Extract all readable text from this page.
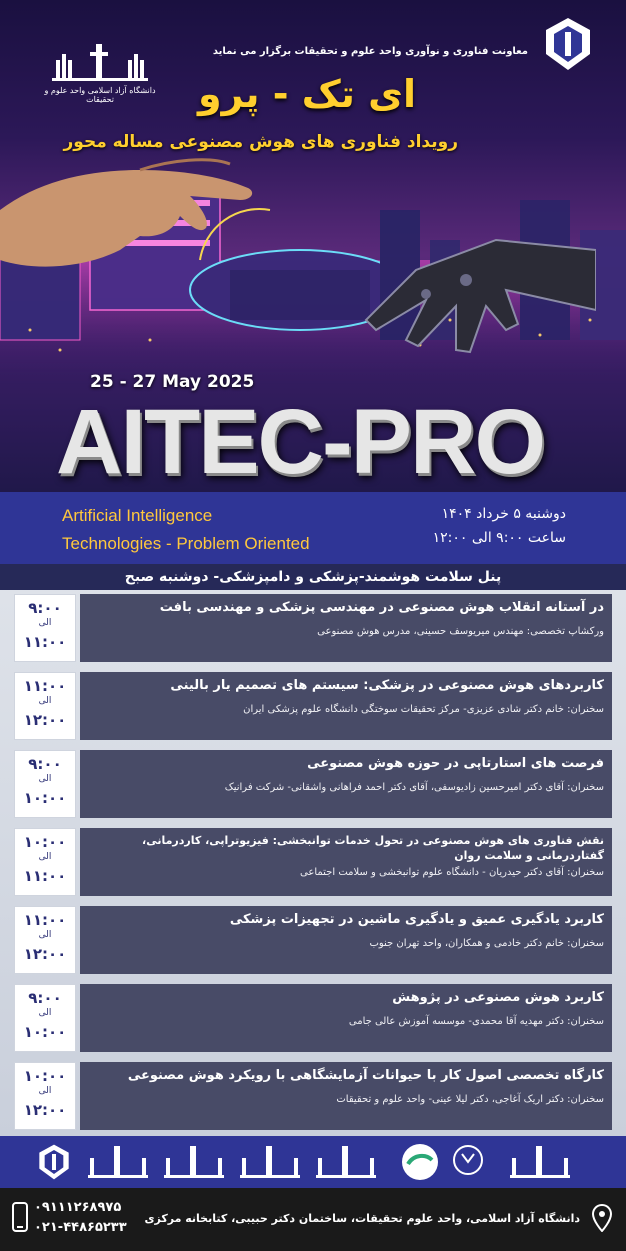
دانشگاه آزاد اسلامی واحد علوم و تحقیقات
معاونت فناوری و نوآوری واحد علوم و تحقیقات برگزار می نماید
ای تک - پرو
رویداد فناوری های هوش مصنوعی مساله محور
25 - 27 May 2025
AITEC-PRO
Artificial Intelligence
Technologies - Problem Oriented
دوشنبه ۵ خرداد ۱۴۰۴
ساعت ۹:۰۰ الی ۱۲:۰۰
پنل سلامت هوشمند-پزشکی و دامپزشکی- دوشنبه صبح
۹:۰۰
الی
۱۱:۰۰
در آستانه انقلاب هوش مصنوعی در مهندسی پزشکی و مهندسی بافت
ورکشاپ تخصصی: مهندس میریوسف حسینی، مدرس هوش مصنوعی
۱۱:۰۰
الی
۱۲:۰۰
کاربردهای هوش مصنوعی در پزشکی: سیستم های تصمیم یار بالینی
سخنران: خانم دکتر شادی عزیزی- مرکز تحقیقات سوختگی دانشگاه علوم پزشکی ایران
۹:۰۰
الی
۱۰:۰۰
فرصت های استارتاپی در حوزه هوش مصنوعی
سخنران: آقای دکتر امیرحسین زادیوسفی، آقای دکتر احمد فراهانی واشقانی- شرکت فرانیک
۱۰:۰۰
الی
۱۱:۰۰
نقش فناوری های هوش مصنوعی در تحول خدمات توانبخشی: فیزیوتراپی، کاردرمانی، گفتاردرمانی و سلامت روان
سخنران: آقای دکتر حیدریان - دانشگاه علوم توانبخشی و سلامت اجتماعی
۱۱:۰۰
الی
۱۲:۰۰
کاربرد یادگیری عمیق و یادگیری ماشین در تجهیزات پزشکی
سخنران: خانم دکتر خادمی و همکاران، واحد تهران جنوب
۹:۰۰
الی
۱۰:۰۰
کاربرد هوش مصنوعی در پژوهش
سخنران: دکتر مهدیه آقا محمدی- موسسه آموزش عالی جامی
۱۰:۰۰
الی
۱۲:۰۰
کارگاه تخصصی اصول کار با حیوانات آزمایشگاهی با رویکرد هوش مصنوعی
سخنران: دکتر اریک آغاجی، دکتر لیلا عینی- واحد علوم و تحقیقات
۰۹۱۱۱۲۶۸۹۷۵
۰۲۱-۴۴۸۶۵۲۳۳
دانشگاه آزاد اسلامی، واحد علوم تحقیقات، ساختمان دکتر حبیبی، کتابخانه مرکزی
